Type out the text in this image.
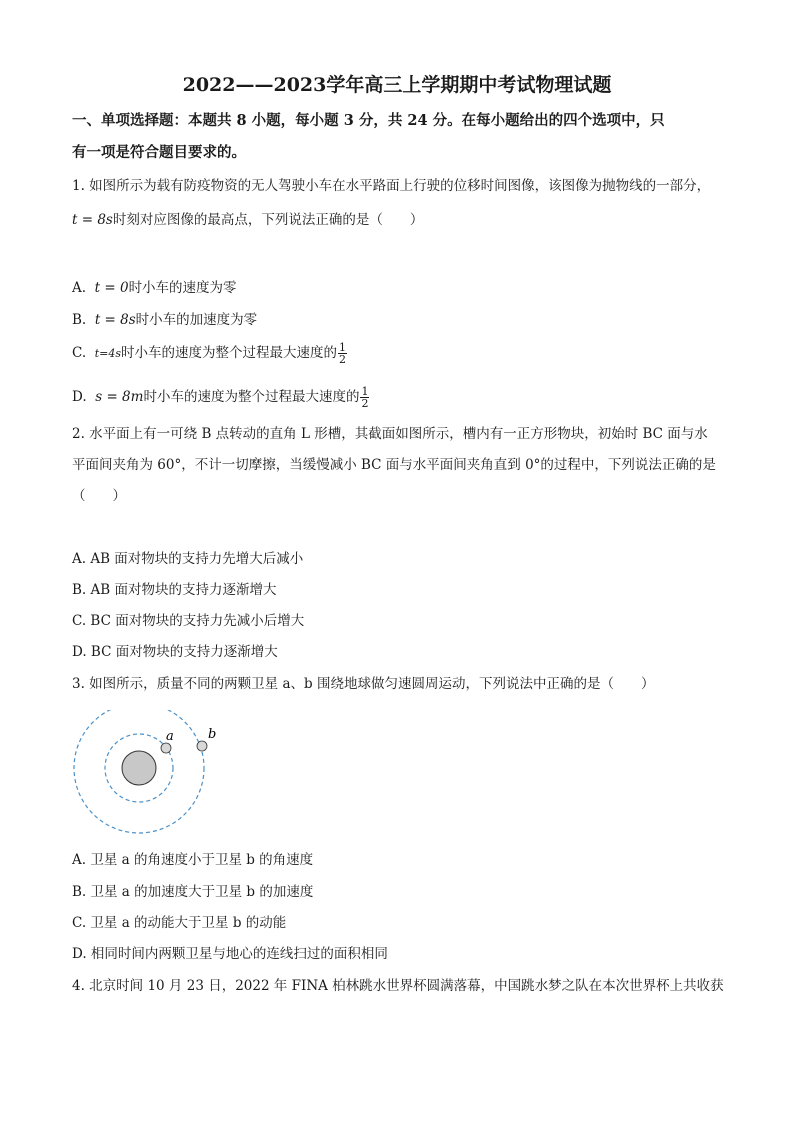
2022——2023学年高三上学期期中考试物理试题
一、单项选择题：本题共 8 小题，每小题 3 分，共 24 分。在每小题给出的四个选项中，只
有一项是符合题目要求的。
1. 如图所示为载有防疫物资的无人驾驶小车在水平路面上行驶的位移时间图像，该图像为抛物线的一部分，
t = 8s时刻对应图像的最高点，下列说法正确的是（　　）
A. t = 0时小车的速度为零
B. t = 8s时小车的加速度为零
C. t=4s时小车的速度为整个过程最大速度的 $\frac{1}{2}$
D. s = 8m时小车的速度为整个过程最大速度的 $\frac{1}{2}$
2. 水平面上有一可绕 B 点转动的直角 L 形槽，其截面如图所示，槽内有一正方形物块，初始时 BC 面与水
平面间夹角为 60°，不计一切摩擦，当缓慢减小 BC 面与水平面间夹角直到 0°的过程中，下列说法正确的是
（　　）
A. AB 面对物块的支持力先增大后减小
B. AB 面对物块的支持力逐渐增大
C. BC 面对物块的支持力先减小后增大
D. BC 面对物块的支持力逐渐增大
3. 如图所示，质量不同的两颗卫星 a、b 围绕地球做匀速圆周运动，下列说法中正确的是（　　）
a	b
A. 卫星 a 的角速度小于卫星 b 的角速度
B. 卫星 a 的加速度大于卫星 b 的加速度
C. 卫星 a 的动能大于卫星 b 的动能
D. 相同时间内两颗卫星与地心的连线扫过的面积相同
4. 北京时间 10 月 23 日，2022 年 FINA 柏林跳水世界杯圆满落幕，中国跳水梦之队在本次世界杯上共收获
